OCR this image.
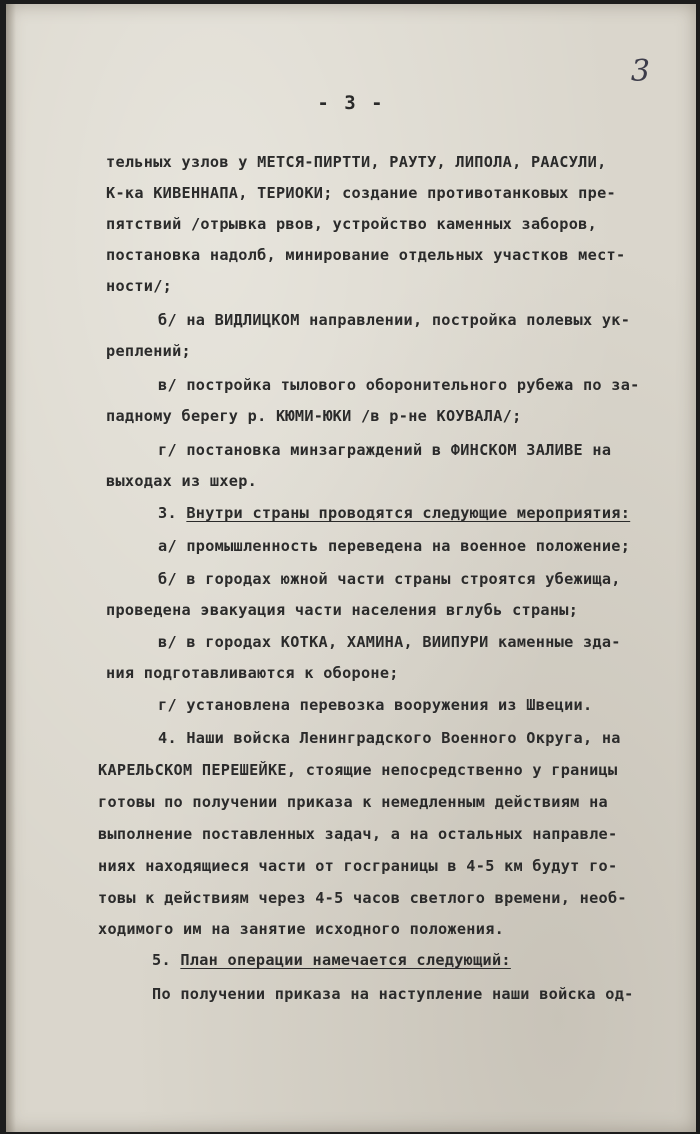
3
- 3 -
тельных узлов у МЕТСЯ-ПИРТТИ, РАУТУ, ЛИПОЛА, РААСУЛИ,
К-ка КИВЕННАПА, ТЕРИОКИ; создание противотанковых пре-
пятствий /отрывка рвов, устройство каменных заборов,
постановка надолб, минирование отдельных участков мест-
ности/;
б/ на ВИДЛИЦКОМ направлении, постройка полевых ук-
реплений;
в/ постройка тылового оборонительного рубежа по за-
падному берегу р. КЮМИ-ЮКИ /в р-не КОУВАЛА/;
г/ постановка минзаграждений в ФИНСКОМ ЗАЛИВЕ на
выходах из шхер.
3. Внутри страны проводятся следующие мероприятия:
а/ промышленность переведена на военное положение;
б/ в городах южной части страны строятся убежища,
проведена эвакуация части населения вглубь страны;
в/ в городах КОТКА, ХАМИНА, ВИИПУРИ каменные зда-
ния подготавливаются к обороне;
г/ установлена перевозка вооружения из Швеции.
4. Наши войска Ленинградского Военного Округа, на
КАРЕЛЬСКОМ ПЕРЕШЕЙКЕ, стоящие непосредственно у границы
готовы по получении приказа к немедленным действиям на
выполнение поставленных задач, а на остальных направле-
ниях находящиеся части от госграницы в 4-5 км будут го-
товы к действиям через 4-5 часов светлого времени, необ-
ходимого им на занятие исходного положения.
5. План операции намечается следующий:
По получении приказа на наступление наши войска од-
